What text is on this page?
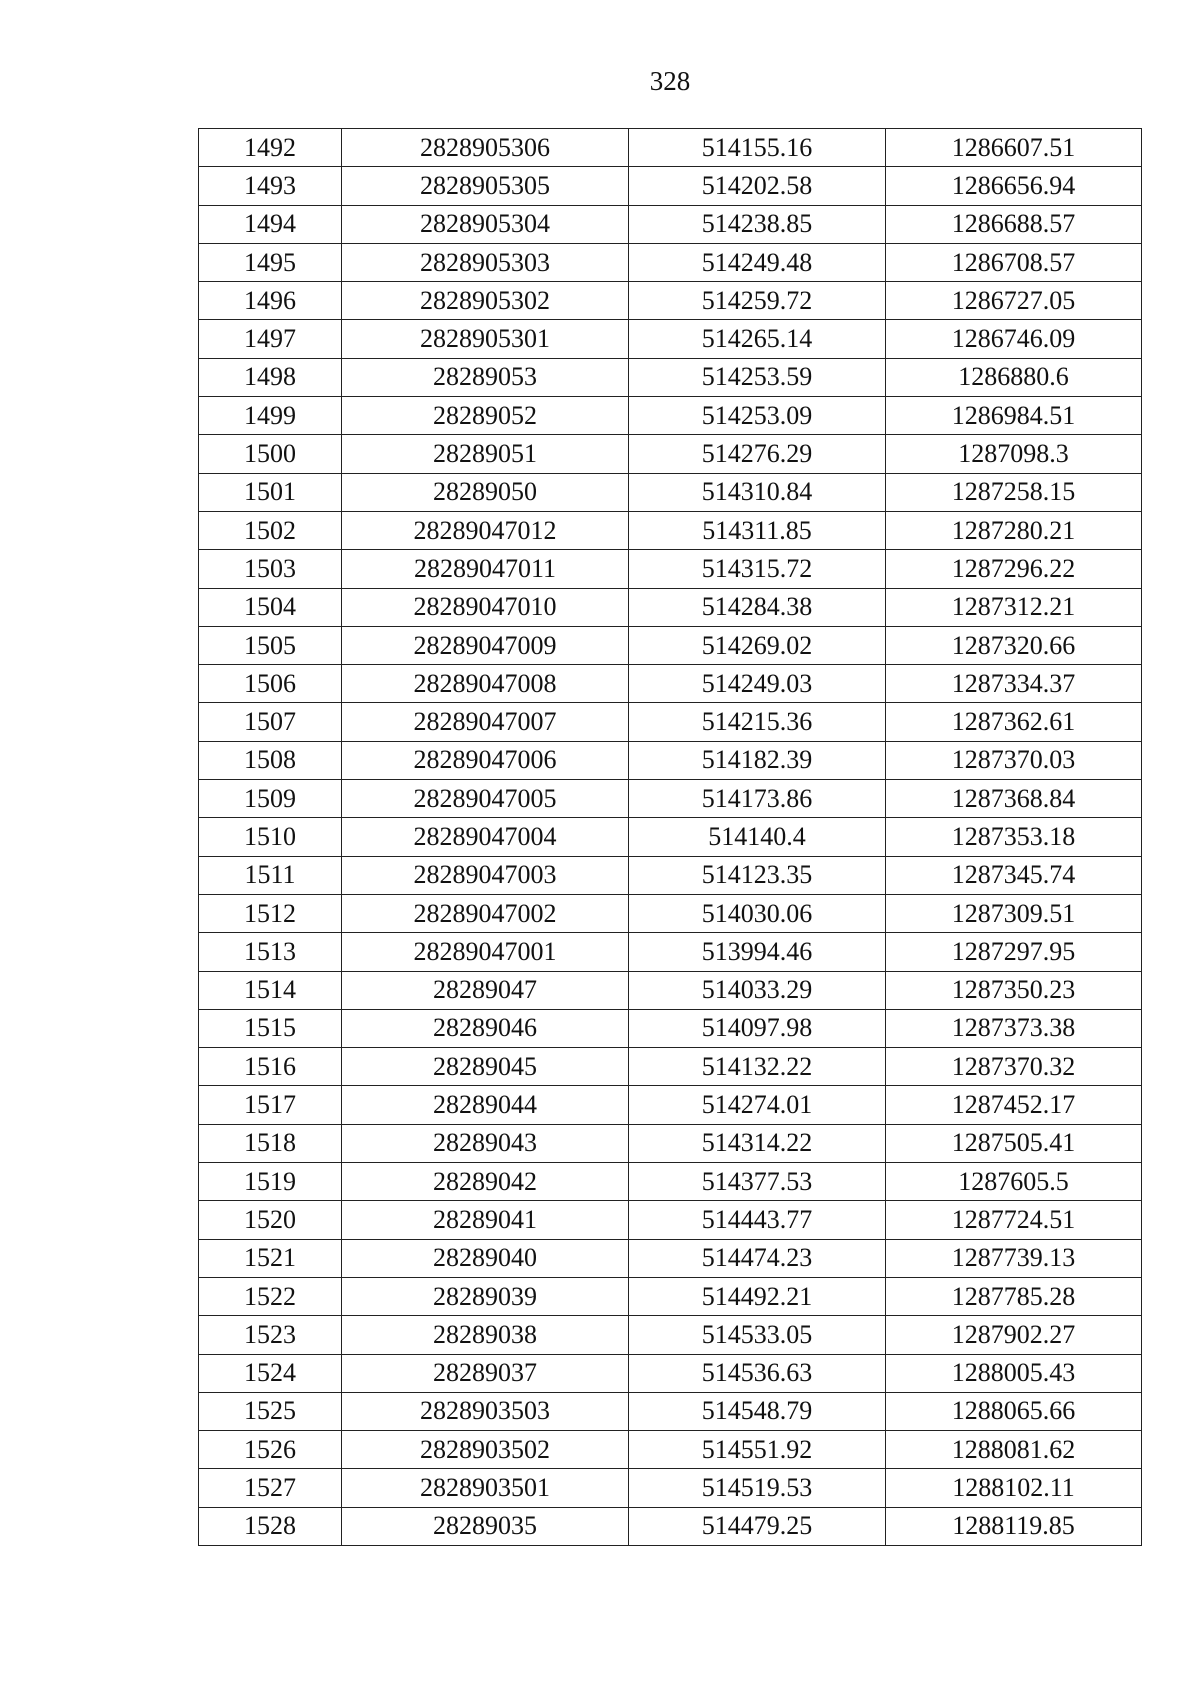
328
1492	2828905306	514155.16	1286607.51
1493	2828905305	514202.58	1286656.94
1494	2828905304	514238.85	1286688.57
1495	2828905303	514249.48	1286708.57
1496	2828905302	514259.72	1286727.05
1497	2828905301	514265.14	1286746.09
1498	28289053	514253.59	1286880.6
1499	28289052	514253.09	1286984.51
1500	28289051	514276.29	1287098.3
1501	28289050	514310.84	1287258.15
1502	28289047012	514311.85	1287280.21
1503	28289047011	514315.72	1287296.22
1504	28289047010	514284.38	1287312.21
1505	28289047009	514269.02	1287320.66
1506	28289047008	514249.03	1287334.37
1507	28289047007	514215.36	1287362.61
1508	28289047006	514182.39	1287370.03
1509	28289047005	514173.86	1287368.84
1510	28289047004	514140.4	1287353.18
1511	28289047003	514123.35	1287345.74
1512	28289047002	514030.06	1287309.51
1513	28289047001	513994.46	1287297.95
1514	28289047	514033.29	1287350.23
1515	28289046	514097.98	1287373.38
1516	28289045	514132.22	1287370.32
1517	28289044	514274.01	1287452.17
1518	28289043	514314.22	1287505.41
1519	28289042	514377.53	1287605.5
1520	28289041	514443.77	1287724.51
1521	28289040	514474.23	1287739.13
1522	28289039	514492.21	1287785.28
1523	28289038	514533.05	1287902.27
1524	28289037	514536.63	1288005.43
1525	2828903503	514548.79	1288065.66
1526	2828903502	514551.92	1288081.62
1527	2828903501	514519.53	1288102.11
1528	28289035	514479.25	1288119.85
